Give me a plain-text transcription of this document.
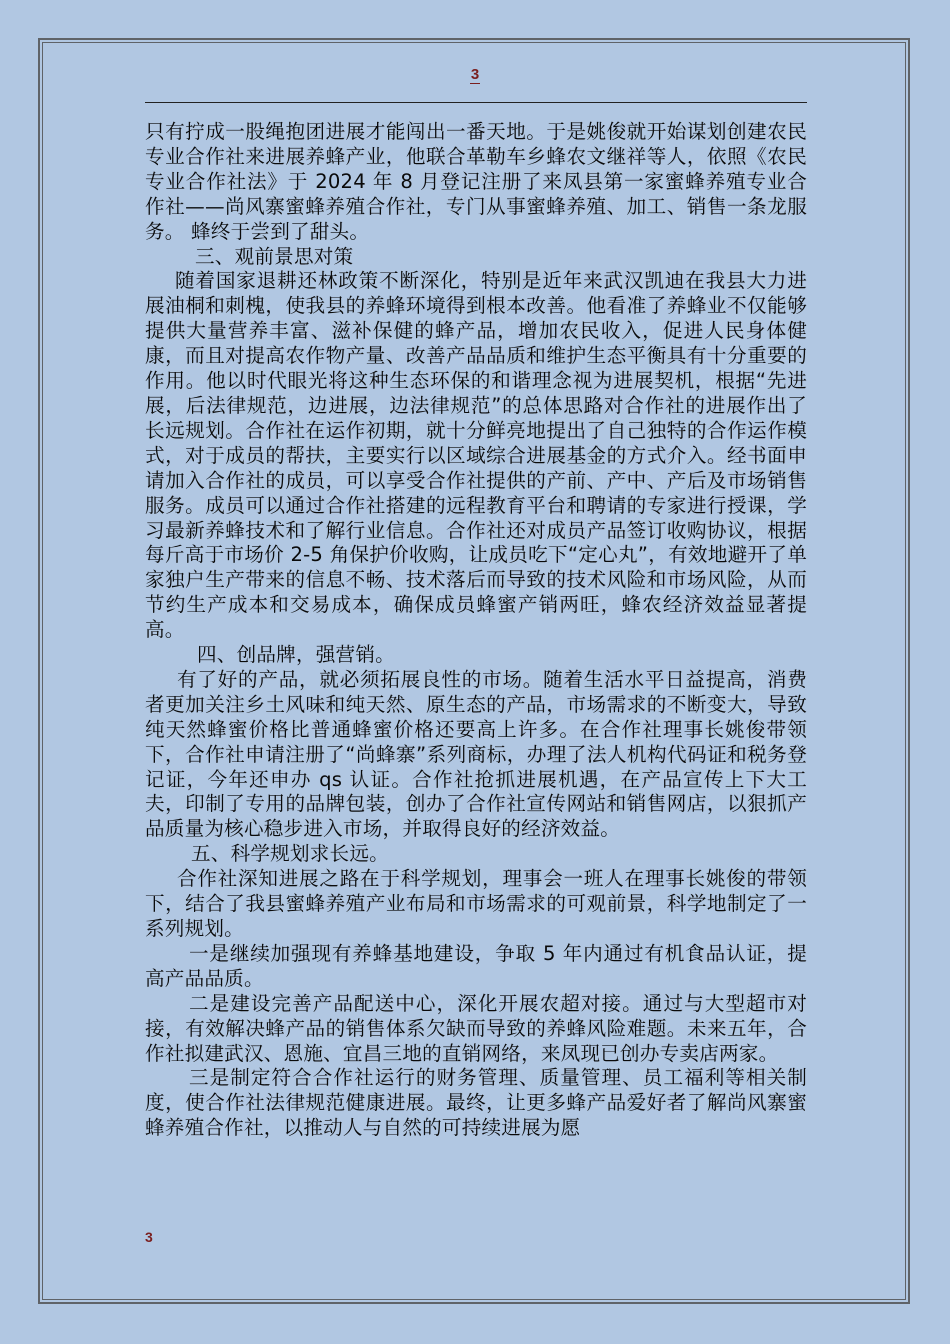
3

只有拧成一股绳抱团进展才能闯出一番天地。于是姚俊就开始谋划创建农民专业合作社来进展养蜂产业，他联合革勒车乡蜂农文继祥等人，依照《农民专业合作社法》于 2024 年 8 月登记注册了来凤县第一家蜜蜂养殖专业合作社——尚风寨蜜蜂养殖合作社，专门从事蜜蜂养殖、加工、销售一条龙服务。 蜂终于尝到了甜头。

三、观前景思对策

随着国家退耕还林政策不断深化，特别是近年来武汉凯迪在我县大力进展油桐和刺槐，使我县的养蜂环境得到根本改善。他看准了养蜂业不仅能够提供大量营养丰富、滋补保健的蜂产品，增加农民收入，促进人民身体健康，而且对提高农作物产量、改善产品品质和维护生态平衡具有十分重要的作用。他以时代眼光将这种生态环保的和谐理念视为进展契机，根据“先进展，后法律规范，边进展，边法律规范”的总体思路对合作社的进展作出了长远规划。合作社在运作初期，就十分鲜亮地提出了自己独特的合作运作模式，对于成员的帮扶，主要实行以区域综合进展基金的方式介入。经书面申请加入合作社的成员，可以享受合作社提供的产前、产中、产后及市场销售服务。成员可以通过合作社搭建的远程教育平台和聘请的专家进行授课，学习最新养蜂技术和了解行业信息。合作社还对成员产品签订收购协议，根据每斤高于市场价 2-5 角保护价收购，让成员吃下“定心丸”，有效地避开了单家独户生产带来的信息不畅、技术落后而导致的技术风险和市场风险，从而节约生产成本和交易成本，确保成员蜂蜜产销两旺，蜂农经济效益显著提高。

四、创品牌，强营销。

有了好的产品，就必须拓展良性的市场。随着生活水平日益提高，消费者更加关注乡土风味和纯天然、原生态的产品，市场需求的不断变大，导致纯天然蜂蜜价格比普通蜂蜜价格还要高上许多。在合作社理事长姚俊带领下，合作社申请注册了“尚蜂寨”系列商标，办理了法人机构代码证和税务登记证，今年还申办 qs 认证。合作社抢抓进展机遇，在产品宣传上下大工夫，印制了专用的品牌包装，创办了合作社宣传网站和销售网店，以狠抓产品质量为核心稳步进入市场，并取得良好的经济效益。

五、科学规划求长远。

合作社深知进展之路在于科学规划，理事会一班人在理事长姚俊的带领下，结合了我县蜜蜂养殖产业布局和市场需求的可观前景，科学地制定了一系列规划。

一是继续加强现有养蜂基地建设，争取 5 年内通过有机食品认证，提高产品品质。

二是建设完善产品配送中心，深化开展农超对接。通过与大型超市对接，有效解决蜂产品的销售体系欠缺而导致的养蜂风险难题。未来五年，合作社拟建武汉、恩施、宜昌三地的直销网络，来凤现已创办专卖店两家。

三是制定符合合作社运行的财务管理、质量管理、员工福利等相关制度，使合作社法律规范健康进展。最终，让更多蜂产品爱好者了解尚风寨蜜蜂养殖合作社，以推动人与自然的可持续进展为愿

3
